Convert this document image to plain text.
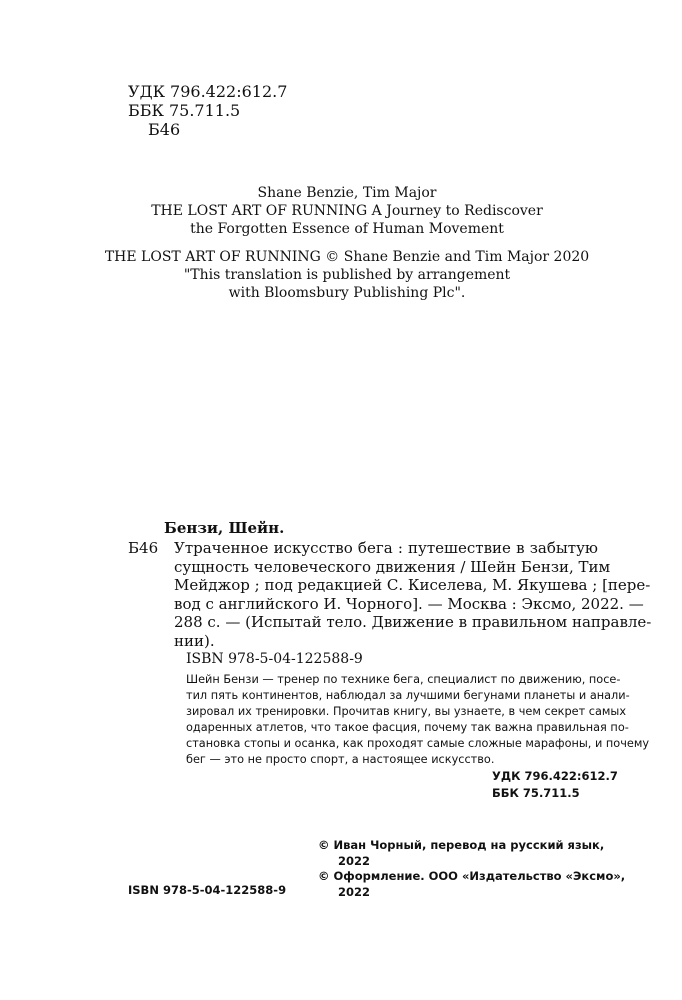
УДК 796.422:612.7
ББК 75.711.5
Б46
Shane Benzie, Tim Major
THE LOST ART OF RUNNING A Journey to Rediscover
the Forgotten Essence of Human Movement
THE LOST ART OF RUNNING © Shane Benzie and Tim Major 2020
"This translation is published by arrangement
with Bloomsbury Publishing Plc".
Бензи, Шейн.
Б46 Утраченное искусство бега : путешествие в забытую
сущность человеческого движения / Шейн Бензи, Тим
Мейджор ; под редакцией С. Киселева, М. Якушева ; [пере-
вод с английского И. Чорного]. — Москва : Эксмо, 2022. —
288 с. — (Испытай тело. Движение в правильном направле-
нии).
ISBN 978-5-04-122588-9
Шейн Бензи — тренер по технике бега, специалист по движению, посе-
тил пять континентов, наблюдал за лучшими бегунами планеты и анали-
зировал их тренировки. Прочитав книгу, вы узнаете, в чем секрет самых
одаренных атлетов, что такое фасция, почему так важна правильная по-
становка стопы и осанка, как проходят самые сложные марафоны, и почему
бег — это не просто спорт, а настоящее искусство.
УДК 796.422:612.7
ББК 75.711.5
© Иван Чорный, перевод на русский язык,
2022
© Оформление. ООО «Издательство «Эксмо»,
2022
ISBN 978-5-04-122588-9
